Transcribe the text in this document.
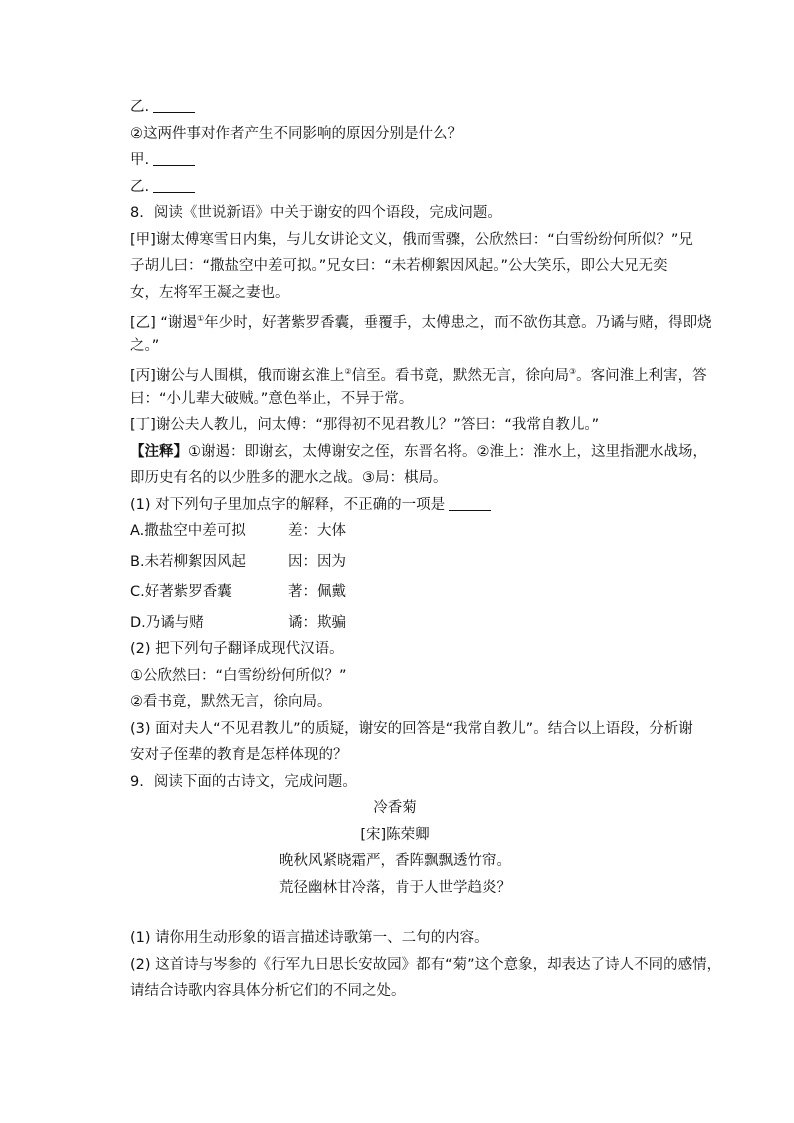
乙.
②这两件事对作者产生不同影响的原因分别是什么？
甲.
乙.
8. 阅读《世说新语》中关于谢安的四个语段，完成问题。
[甲]谢太傅寒雪日内集，与儿女讲论文义，俄而雪骤，公欣然曰：“白雪纷纷何所似？”兄
子胡儿曰：“撒盐空中差可拟。”兄女曰：“未若柳絮因风起。”公大笑乐，即公大兄无奕
女，左将军王凝之妻也。
[乙] “谢遏①年少时，好著紫罗香囊，垂覆手，太傅患之，而不欲伤其意。乃谲与赌，得即烧
之。”
[丙]谢公与人围棋，俄而谢玄淮上②信至。看书竟，默然无言，徐向局③。客问淮上利害，答
曰：“小儿辈大破贼。”意色举止，不异于常。
[丁]谢公夫人教儿，问太傅：“那得初不见君教儿？”答曰：“我常自教儿。”
【注释】①谢遏：即谢玄，太傅谢安之侄，东晋名将。②淮上：淮水上，这里指淝水战场，
即历史有名的以少胜多的淝水之战。③局：棋局。
(1) 对下列句子里加点字的解释，不正确的一项是
A.撒盐空中差可拟	差：大体
B.未若柳絮因风起	因：因为
C.好著紫罗香囊	著：佩戴
D.乃谲与赌	谲：欺骗
(2) 把下列句子翻译成现代汉语。
①公欣然曰：“白雪纷纷何所似？”
②看书竟，默然无言，徐向局。
(3) 面对夫人“不见君教儿”的质疑，谢安的回答是“我常自教儿”。结合以上语段，分析谢
安对子侄辈的教育是怎样体现的？
9. 阅读下面的古诗文，完成问题。
冷香菊
[宋]陈荣卿
晚秋风紧晓霜严，香阵飘飘透竹帘。
荒径幽林甘冷落，肯于人世学趋炎？
(1) 请你用生动形象的语言描述诗歌第一、二句的内容。
(2) 这首诗与岑参的《行军九日思长安故园》都有“菊”这个意象，却表达了诗人不同的感情，
请结合诗歌内容具体分析它们的不同之处。
